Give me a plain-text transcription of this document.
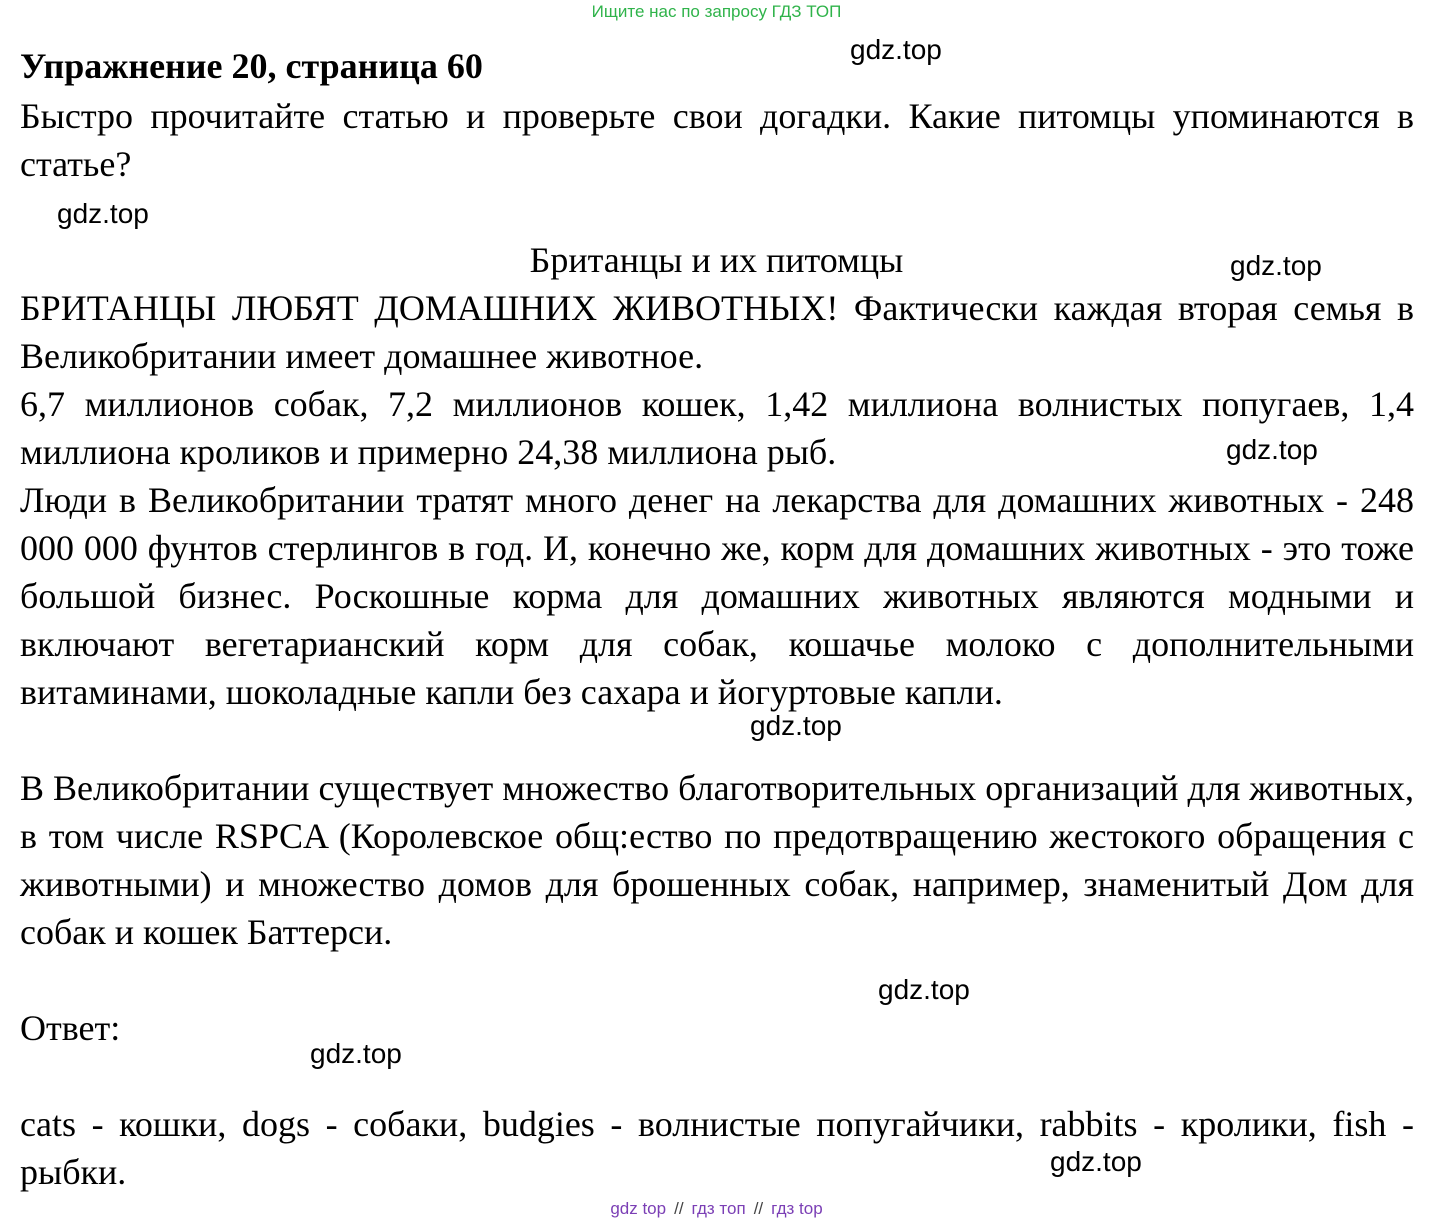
Ищите нас по запросу ГДЗ ТОП
Упражнение 20, страница 60

Быстро прочитайте статью и проверьте свои догадки. Какие питомцы упоминаются в статье?

Британцы и их питомцы

БРИТАНЦЫ ЛЮБЯТ ДОМАШНИХ ЖИВОТНЫХ! Фактически каждая вторая семья в Великобритании имеет домашнее животное.

6,7 миллионов собак, 7,2 миллионов кошек, 1,42 миллиона волнистых попугаев, 1,4 миллиона кроликов и примерно 24,38 миллиона рыб.

Люди в Великобритании тратят много денег на лекарства для домашних животных - 248 000 000 фунтов стерлингов в год. И, конечно же, корм для домашних животных - это тоже большой бизнес. Роскошные корма для домашних животных являются модными и включают вегетарианский корм для собак, кошачье молоко с дополнительными витаминами, шоколадные капли без сахара и йогуртовые капли.

В Великобритании существует множество благотворительных организаций для животных, в том числе RSPCA (Королевское общ:ество по предотвращению жестокого обращения с животными) и множество домов для брошенных собак, например, знаменитый Дом для собак и кошек Баттерси.

Ответ:

cats - кошки, dogs - собаки, budgies - волнистые попугайчики, rabbits - кролики, fish - рыбки.

gdz.top
gdz.top
gdz.top
gdz.top
gdz.top
gdz.top
gdz.top
gdz.top
gdz top // гдз топ // гдз top
